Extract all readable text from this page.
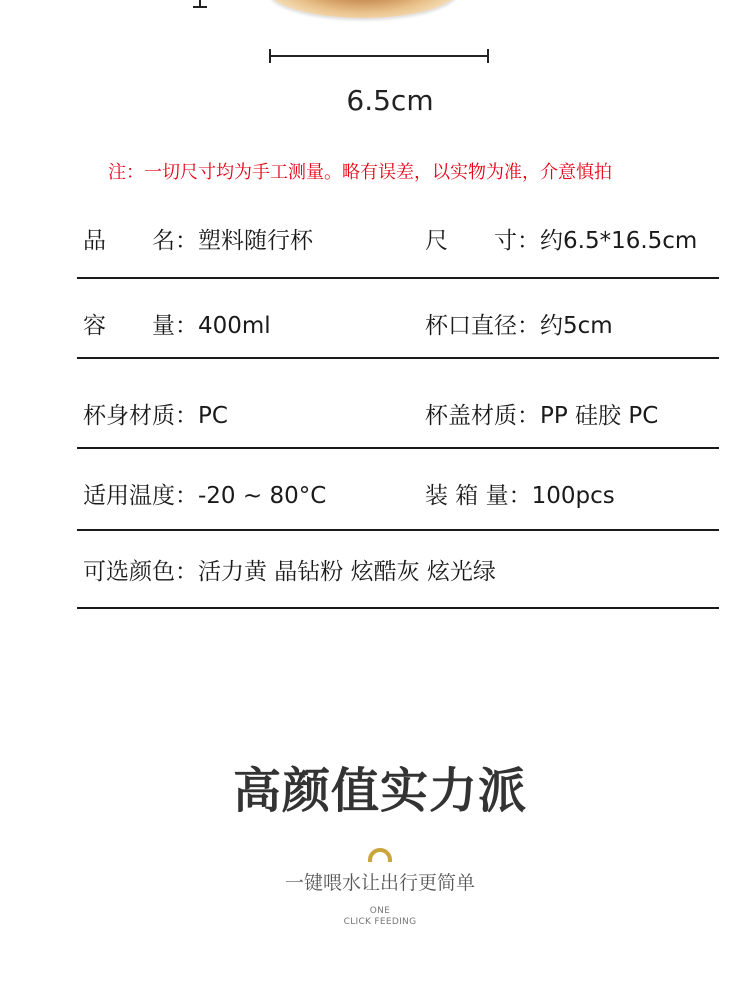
6.5cm
注：一切尺寸均为手工测量。略有误差，以实物为准，介意慎拍
品　　名：塑料随行杯	尺　　寸：约6.5*16.5cm
容　　量：400ml	杯口直径：约5cm
杯身材质：PC	杯盖材质：PP 硅胶 PC
适用温度：-20 ~ 80°C	装 箱 量：100pcs
可选颜色：活力黄 晶钻粉 炫酷灰 炫光绿
高颜值实力派
一键喂水让出行更简单
ONE
CLICK FEEDING
